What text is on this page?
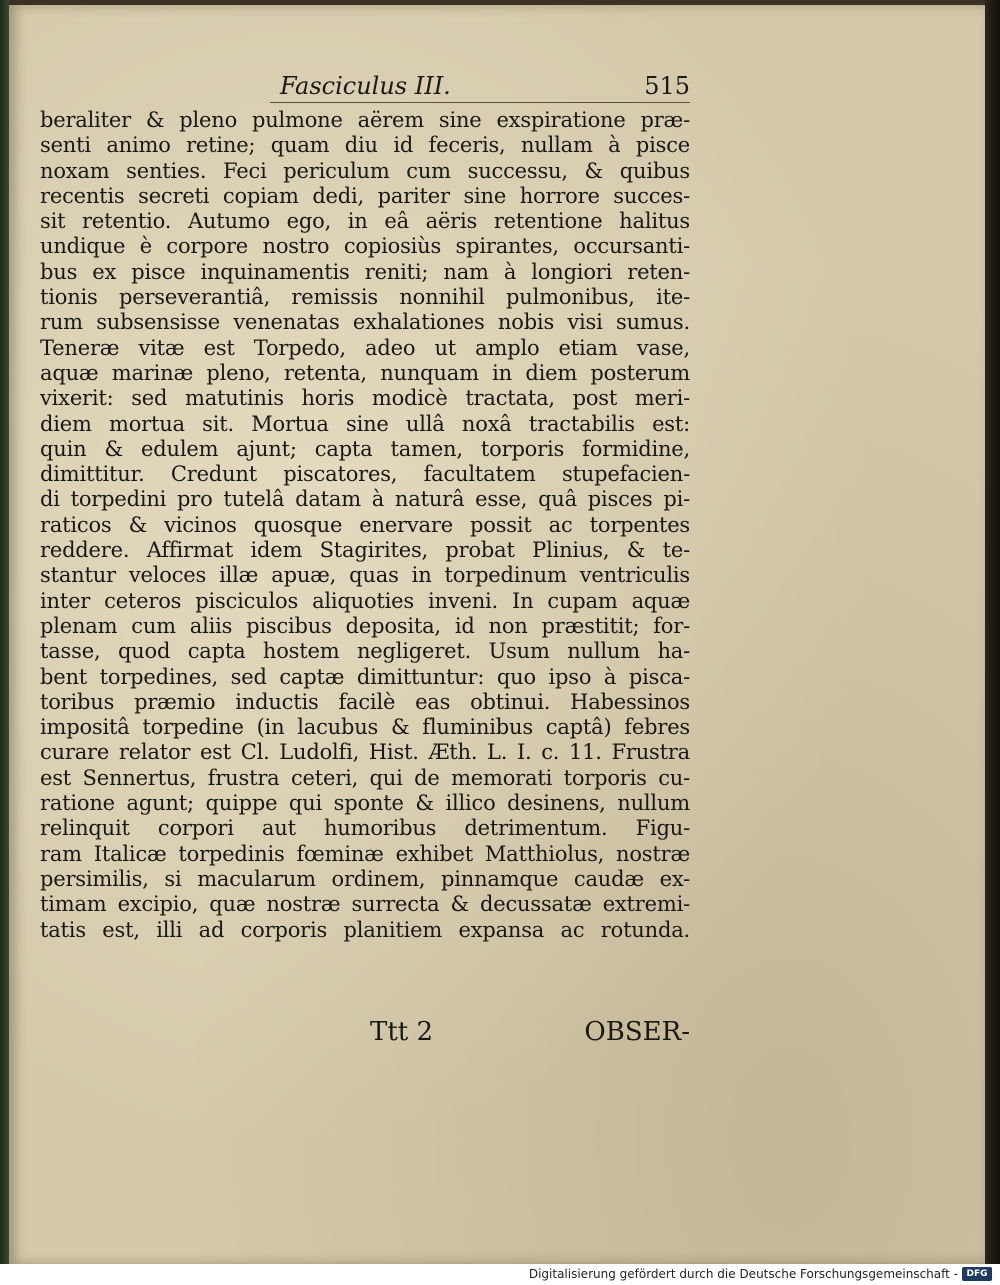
Fasciculus III.	515
beraliter & pleno pulmone aërem sine exspiratione præ-
senti animo retine; quam diu id feceris, nullam à pisce
noxam senties. Feci periculum cum successu, & quibus
recentis secreti copiam dedi, pariter sine horrore succes-
sit retentio. Autumo ego, in eâ aëris retentione halitus
undique è corpore nostro copiosiùs spirantes, occursanti-
bus ex pisce inquinamentis reniti; nam à longiori reten-
tionis perseverantiâ, remissis nonnihil pulmonibus, ite-
rum subsensisse venenatas exhalationes nobis visi sumus.
Teneræ vitæ est Torpedo, adeo ut amplo etiam vase,
aquæ marinæ pleno, retenta, nunquam in diem posterum
vixerit: sed matutinis horis modicè tractata, post meri-
diem mortua sit. Mortua sine ullâ noxâ tractabilis est:
quin & edulem ajunt; capta tamen, torporis formidine,
dimittitur. Credunt piscatores, facultatem stupefacien-
di torpedini pro tutelâ datam à naturâ esse, quâ pisces pi-
raticos & vicinos quosque enervare possit ac torpentes
reddere. Affirmat idem Stagirites, probat Plinius, & te-
stantur veloces illæ apuæ, quas in torpedinum ventriculis
inter ceteros pisciculos aliquoties inveni. In cupam aquæ
plenam cum aliis piscibus deposita, id non præstitit; for-
tasse, quod capta hostem negligeret. Usum nullum ha-
bent torpedines, sed captæ dimittuntur: quo ipso à pisca-
toribus præmio inductis facilè eas obtinui. Habessinos
impositâ torpedine (in lacubus & fluminibus captâ) febres
curare relator est Cl. Ludolfi, Hist. Æth. L. I. c. 11. Frustra
est Sennertus, frustra ceteri, qui de memorati torporis cu-
ratione agunt; quippe qui sponte & illico desinens, nullum
relinquit corpori aut humoribus detrimentum. Figu-
ram Italicæ torpedinis fœminæ exhibet Matthiolus, nostræ
persimilis, si macularum ordinem, pinnamque caudæ ex-
timam excipio, quæ nostræ surrecta & decussatæ extremi-
tatis est, illi ad corporis planitiem expansa ac rotunda.
Ttt 2	OBSER-
Digitalisierung gefördert durch die Deutsche Forschungsgemeinschaft - DFG
